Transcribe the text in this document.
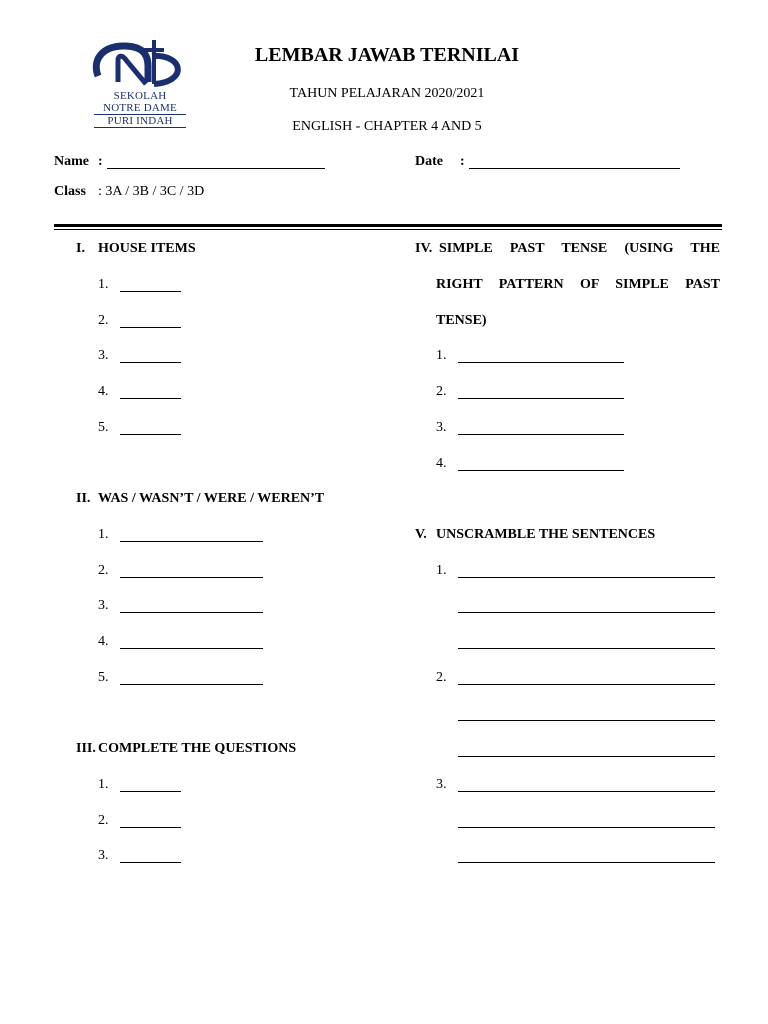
SEKOLAH
NOTRE DAME
PURI INDAH
LEMBAR JAWAB TERNILAI
TAHUN PELAJARAN 2020/2021
ENGLISH - CHAPTER 4 AND 5
Name :	Date :
Class : 3A / 3B / 3C / 3D
I. HOUSE ITEMS
1.
2.
3.
4.
5.
II. WAS / WASN’T / WERE / WEREN’T
1.
2.
3.
4.
5.
III. COMPLETE THE QUESTIONS
1.
2.
3.
IV. SIMPLE PAST TENSE (USING THE
RIGHT PATTERN OF SIMPLE PAST
TENSE)
1.
2.
3.
4.
V. UNSCRAMBLE THE SENTENCES
1.
2.
3.
